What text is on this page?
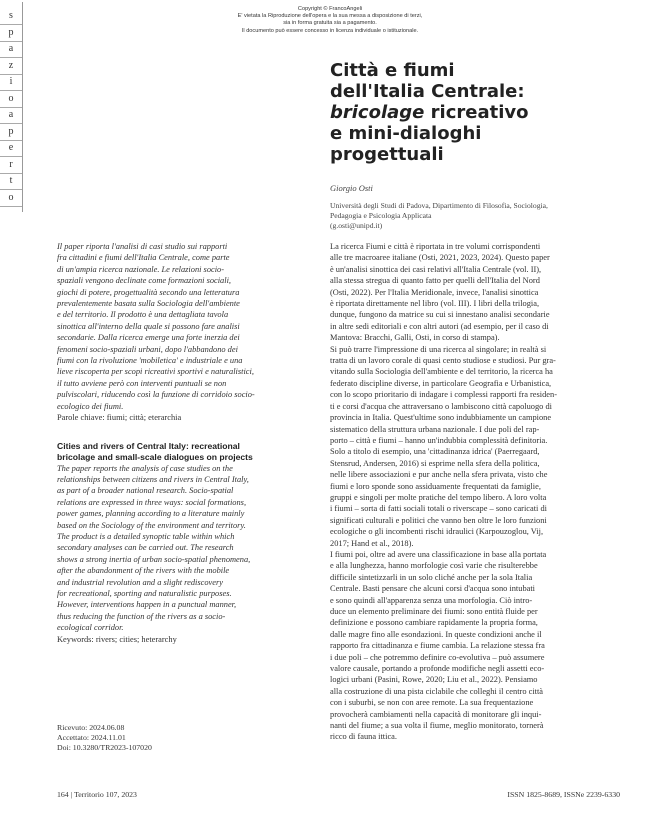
Copyright © FrancoAngeli
E' vietata la Riproduzione dell'opera e la sua messa a disposizione di terzi,
sia in forma gratuita sia a pagamento.
Il documento può essere concesso in licenza individuale o istituzionale.
s
p
a
z
i
o
a
p
e
r
t
o
Città e fiumi
dell'Italia Centrale:
bricolage ricreativo
e mini-dialoghi
progettuali
Giorgio Osti
Università degli Studi di Padova, Dipartimento di Filosofia, Sociologia,
Pedagogia e Psicologia Applicata
(g.osti@unipd.it)
Il paper riporta l'analisi di casi studio sui rapporti
fra cittadini e fiumi dell'Italia Centrale, come parte
di un'ampia ricerca nazionale. Le relazioni socio-
spaziali vengono declinate come formazioni sociali,
giochi di potere, progettualità secondo una letteratura
prevalentemente basata sulla Sociologia dell'ambiente
e del territorio. Il prodotto è una dettagliata tavola
sinottica all'interno della quale si possono fare analisi
secondarie. Dalla ricerca emerge una forte inerzia dei
fenomeni socio-spaziali urbani, dopo l'abbandono dei
fiumi con la rivoluzione 'mobiletica' e industriale e una
lieve riscoperta per scopi ricreativi sportivi e naturalistici,
il tutto avviene però con interventi puntuali se non
pulviscolari, riducendo così la funzione di corridoio socio-
ecologico dei fiumi.
Parole chiave: fiumi; città; eterarchia
Cities and rivers of Central Italy: recreational
bricolage and small-scale dialogues on projects
The paper reports the analysis of case studies on the
relationships between citizens and rivers in Central Italy,
as part of a broader national research. Socio-spatial
relations are expressed in three ways: social formations,
power games, planning according to a literature mainly
based on the Sociology of the environment and territory.
The product is a detailed synoptic table within which
secondary analyses can be carried out. The research
shows a strong inertia of urban socio-spatial phenomena,
after the abandonment of the rivers with the mobile
and industrial revolution and a slight rediscovery
for recreational, sporting and naturalistic purposes.
However, interventions happen in a punctual manner,
thus reducing the function of the rivers as a socio-
ecological corridor.
Keywords: rivers; cities; heterarchy
Ricevuto: 2024.06.08
Accettato: 2024.11.01
Doi: 10.3280/TR2023-107020
La ricerca Fiumi e città è riportata in tre volumi corrispondenti
alle tre macroaree italiane (Osti, 2021, 2023, 2024). Questo paper
è un'analisi sinottica dei casi relativi all'Italia Centrale (vol. II),
alla stessa stregua di quanto fatto per quelli dell'Italia del Nord
(Osti, 2022). Per l'Italia Meridionale, invece, l'analisi sinottica
è riportata direttamente nel libro (vol. III). I libri della trilogia,
dunque, fungono da matrice su cui si innestano analisi secondarie
in altre sedi editoriali e con altri autori (ad esempio, per il caso di
Mantova: Bracchi, Galli, Osti, in corso di stampa).
Si può trarre l'impressione di una ricerca al singolare; in realtà si
tratta di un lavoro corale di quasi cento studiose e studiosi. Pur gra-
vitando sulla Sociologia dell'ambiente e del territorio, la ricerca ha
federato discipline diverse, in particolare Geografia e Urbanistica,
con lo scopo prioritario di indagare i complessi rapporti fra residen-
ti e corsi d'acqua che attraversano o lambiscono città capoluogo di
provincia in Italia. Quest'ultime sono indubbiamente un campione
sistematico della struttura urbana nazionale. I due poli del rap-
porto – città e fiumi – hanno un'indubbia complessità definitoria.
Solo a titolo di esempio, una 'cittadinanza idrica' (Paerregaard,
Stensrud, Andersen, 2016) si esprime nella sfera della politica,
nelle libere associazioni e pur anche nella sfera privata, visto che
fiumi e loro sponde sono assiduamente frequentati da famiglie,
gruppi e singoli per molte pratiche del tempo libero. A loro volta
i fiumi – sorta di fatti sociali totali o riverscape – sono caricati di
significati culturali e politici che vanno ben oltre le loro funzioni
ecologiche o gli incombenti rischi idraulici (Karpouzoglou, Vij,
2017; Hand et al., 2018).
I fiumi poi, oltre ad avere una classificazione in base alla portata
e alla lunghezza, hanno morfologie così varie che risulterebbe
difficile sintetizzarli in un solo cliché anche per la sola Italia
Centrale. Basti pensare che alcuni corsi d'acqua sono intubati
e sono quindi all'apparenza senza una morfologia. Ciò intro-
duce un elemento preliminare dei fiumi: sono entità fluide per
definizione e possono cambiare rapidamente la propria forma,
dalle magre fino alle esondazioni. In queste condizioni anche il
rapporto fra cittadinanza e fiume cambia. La relazione stessa fra
i due poli – che potremmo definire co-evolutiva – può assumere
valore causale, portando a profonde modifiche negli assetti eco-
logici urbani (Pasini, Rowe, 2020; Liu et al., 2022). Pensiamo
alla costruzione di una pista ciclabile che colleghi il centro città
con i suburbi, se non con aree remote. La sua frequentazione
provocherà cambiamenti nella capacità di monitorare gli inqui-
nanti del fiume; a sua volta il fiume, meglio monitorato, tornerà
ricco di fauna ittica.
164 | Territorio 107, 2023	ISSN 1825-8689, ISSNe 2239-6330
